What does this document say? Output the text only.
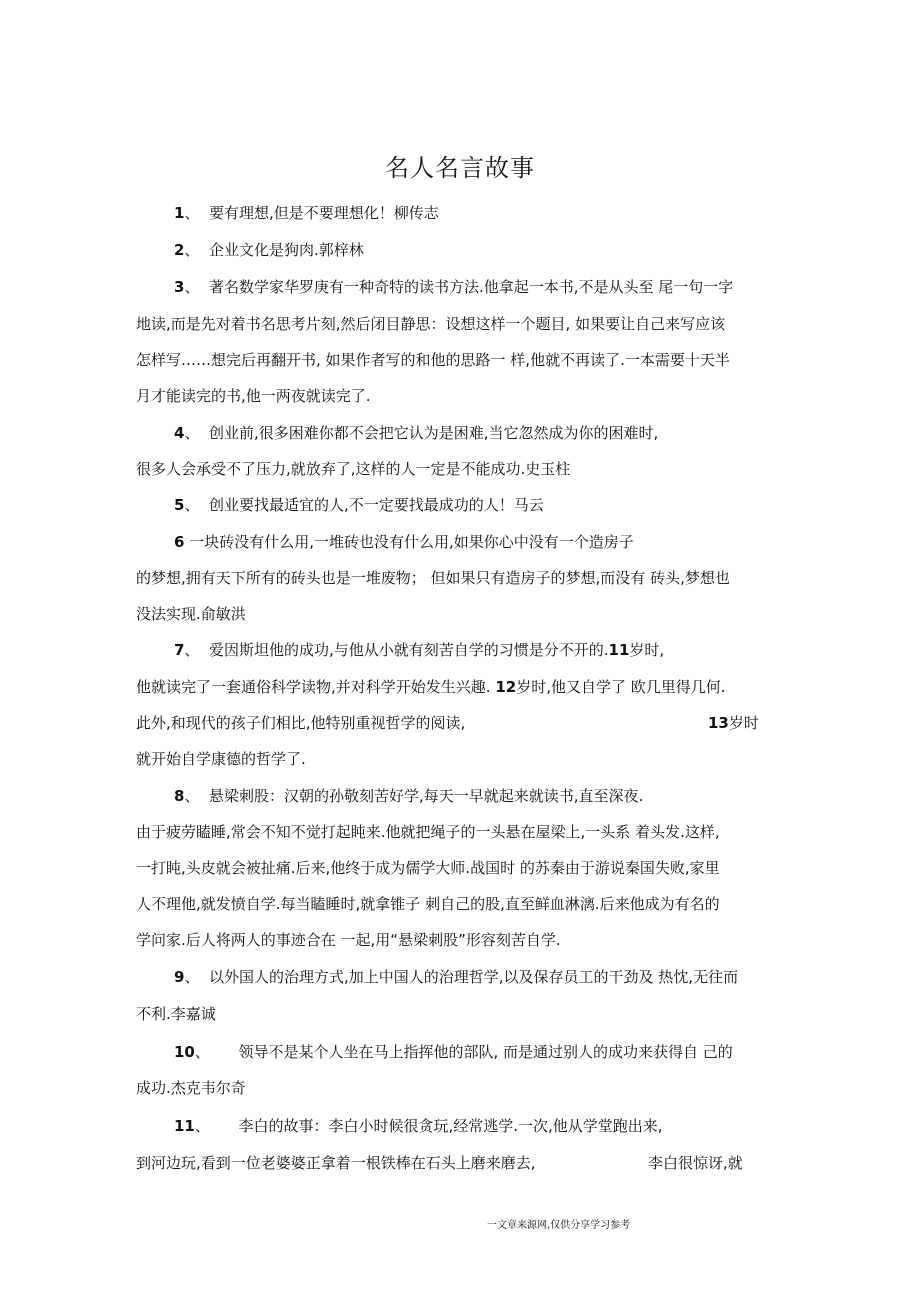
名人名言故事
1、 要有理想,但是不要理想化！柳传志
2、 企业文化是狗肉.郭梓林
3、 著名数学家华罗庚有一种奇特的读书方法.他拿起一本书,不是从头至 尾一句一字
地读,而是先对着书名思考片刻,然后闭目静思：设想这样一个题目, 如果要让自己来写应该
怎样写……想完后再翻开书, 如果作者写的和他的思路一 样,他就不再读了.一本需要十天半
月才能读完的书,他一两夜就读完了.
4、 创业前,很多困难你都不会把它认为是困难,当它忽然成为你的困难时,
很多人会承受不了压力,就放弃了,这样的人一定是不能成功.史玉柱
5、 创业要找最适宜的人,不一定要找最成功的人！马云
6 一块砖没有什么用,一堆砖也没有什么用,如果你心中没有一个造房子
的梦想,拥有天下所有的砖头也是一堆废物； 但如果只有造房子的梦想,而没有 砖头,梦想也
没法实现.俞敏洪
7、 爱因斯坦他的成功,与他从小就有刻苦自学的习惯是分不开的.11岁时,
他就读完了一套通俗科学读物,并对科学开始发生兴趣. 12岁时,他又自学了 欧几里得几何.
此外,和现代的孩子们相比,他特别重视哲学的阅读,	13岁时
就开始自学康德的哲学了.
8、 悬梁刺股：汉朝的孙敬刻苦好学,每天一早就起来就读书,直至深夜.
由于疲劳瞌睡,常会不知不觉打起盹来.他就把绳子的一头悬在屋梁上,一头系 着头发.这样,
一打盹,头皮就会被扯痛.后来,他终于成为儒学大师.战国时 的苏秦由于游说秦国失败,家里
人不理他,就发愤自学.每当瞌睡时,就拿锥子 刺自己的股,直至鲜血淋漓.后来他成为有名的
学问家.后人将两人的事迹合在 一起,用“悬梁刺股”形容刻苦自学.
9、 以外国人的治理方式,加上中国人的治理哲学,以及保存员工的干劲及 热忱,无往而
不利.李嘉诚
10、 领导不是某个人坐在马上指挥他的部队, 而是通过别人的成功来获得自 己的
成功.杰克韦尔奇
11、 李白的故事：李白小时候很贪玩,经常逃学.一次,他从学堂跑出来,
到河边玩,看到一位老婆婆正拿着一根铁棒在石头上磨来磨去,	李白很惊讶,就
一文章来源网,仅供分享学习参考
